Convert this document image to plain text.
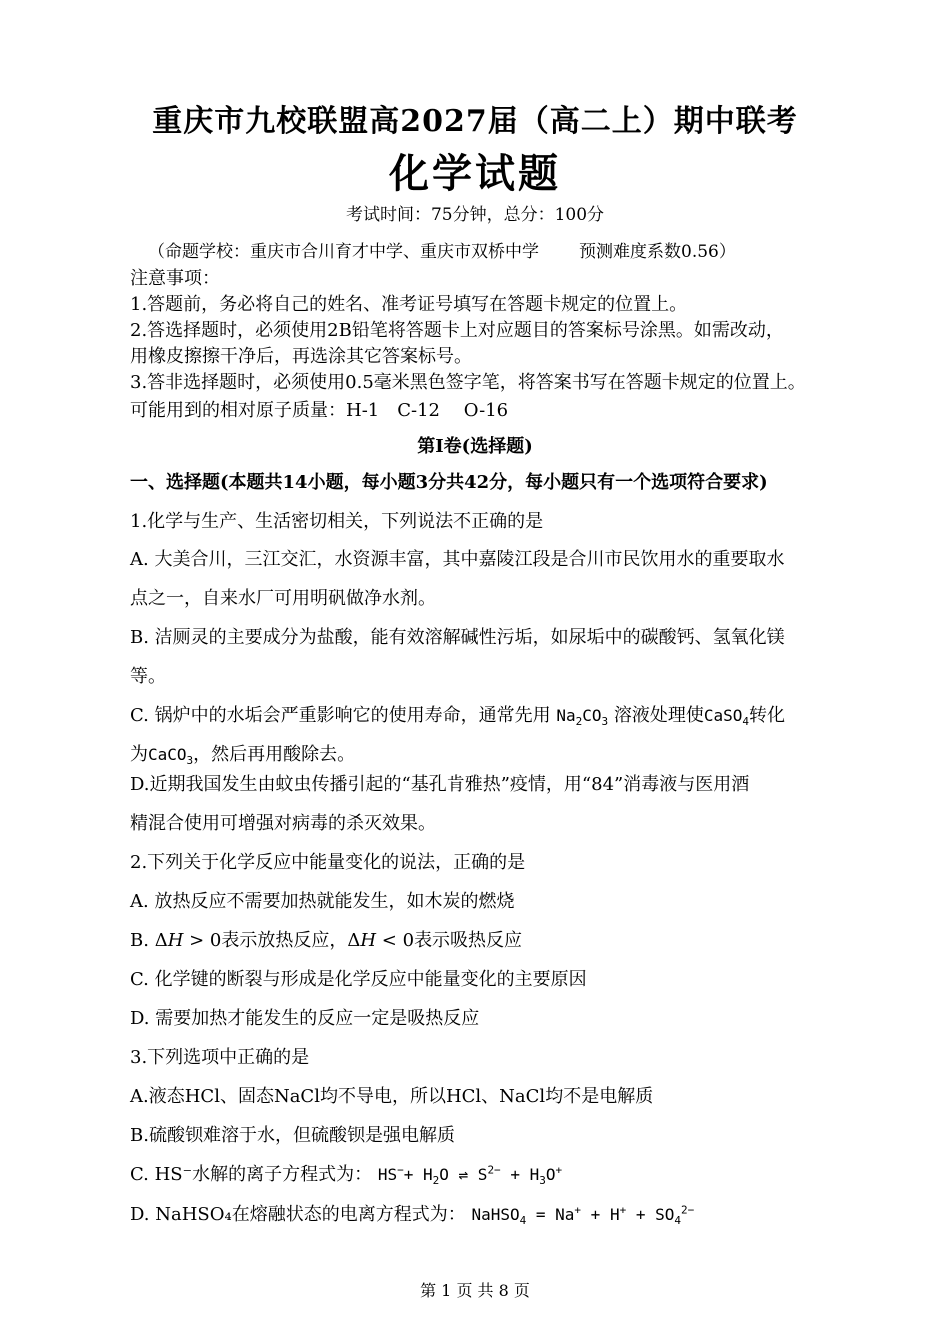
重庆市九校联盟高2027届（高二上）期中联考
化学试题
考试时间：75分钟，总分：100分
（命题学校：重庆市合川育才中学、重庆市双桥中学 预测难度系数0.56）
注意事项：
1.答题前，务必将自己的姓名、准考证号填写在答题卡规定的位置上。
2.答选择题时，必须使用2B铅笔将答题卡上对应题目的答案标号涂黑。如需改动，
用橡皮擦擦干净后，再选涂其它答案标号。
3.答非选择题时，必须使用0.5毫米黑色签字笔，将答案书写在答题卡规定的位置上。
可能用到的相对原子质量：H-1　C-12　 O-16
第Ⅰ卷(选择题)
一、选择题(本题共14小题，每小题3分共42分，每小题只有一个选项符合要求)
1.化学与生产、生活密切相关，下列说法不正确的是
A. 大美合川，三江交汇，水资源丰富，其中嘉陵江段是合川市民饮用水的重要取水
点之一，自来水厂可用明矾做净水剂。
B. 洁厕灵的主要成分为盐酸，能有效溶解碱性污垢，如尿垢中的碳酸钙、氢氧化镁
等。
C. 锅炉中的水垢会严重影响它的使用寿命，通常先用 $Na_2CO_3$ 溶液处理使CaSO$_4$转化
为CaCO$_3$，然后再用酸除去。
D.近期我国发生由蚊虫传播引起的“基孔肯雅热”疫情，用“84”消毒液与医用酒
精混合使用可增强对病毒的杀灭效果。
2.下列关于化学反应中能量变化的说法，正确的是
A. 放热反应不需要加热就能发生，如木炭的燃烧
B. ΔH > 0表示放热反应，ΔH < 0表示吸热反应
C. 化学键的断裂与形成是化学反应中能量变化的主要原因
D. 需要加热才能发生的反应一定是吸热反应
3.下列选项中正确的是
A.液态HCl、固态NaCl均不导电，所以HCl、NaCl均不是电解质
B.硫酸钡难溶于水，但硫酸钡是强电解质
C. HS⁻水解的离子方程式为： $HS^-+ H_2O$ ⇌ $S^{2-} + H_3O^+$
D. NaHSO₄在熔融状态的电离方程式为： NaHSO$_4$ = $Na^+ + H^+ + SO_4^{2-}$
第 1 页 共 8 页
